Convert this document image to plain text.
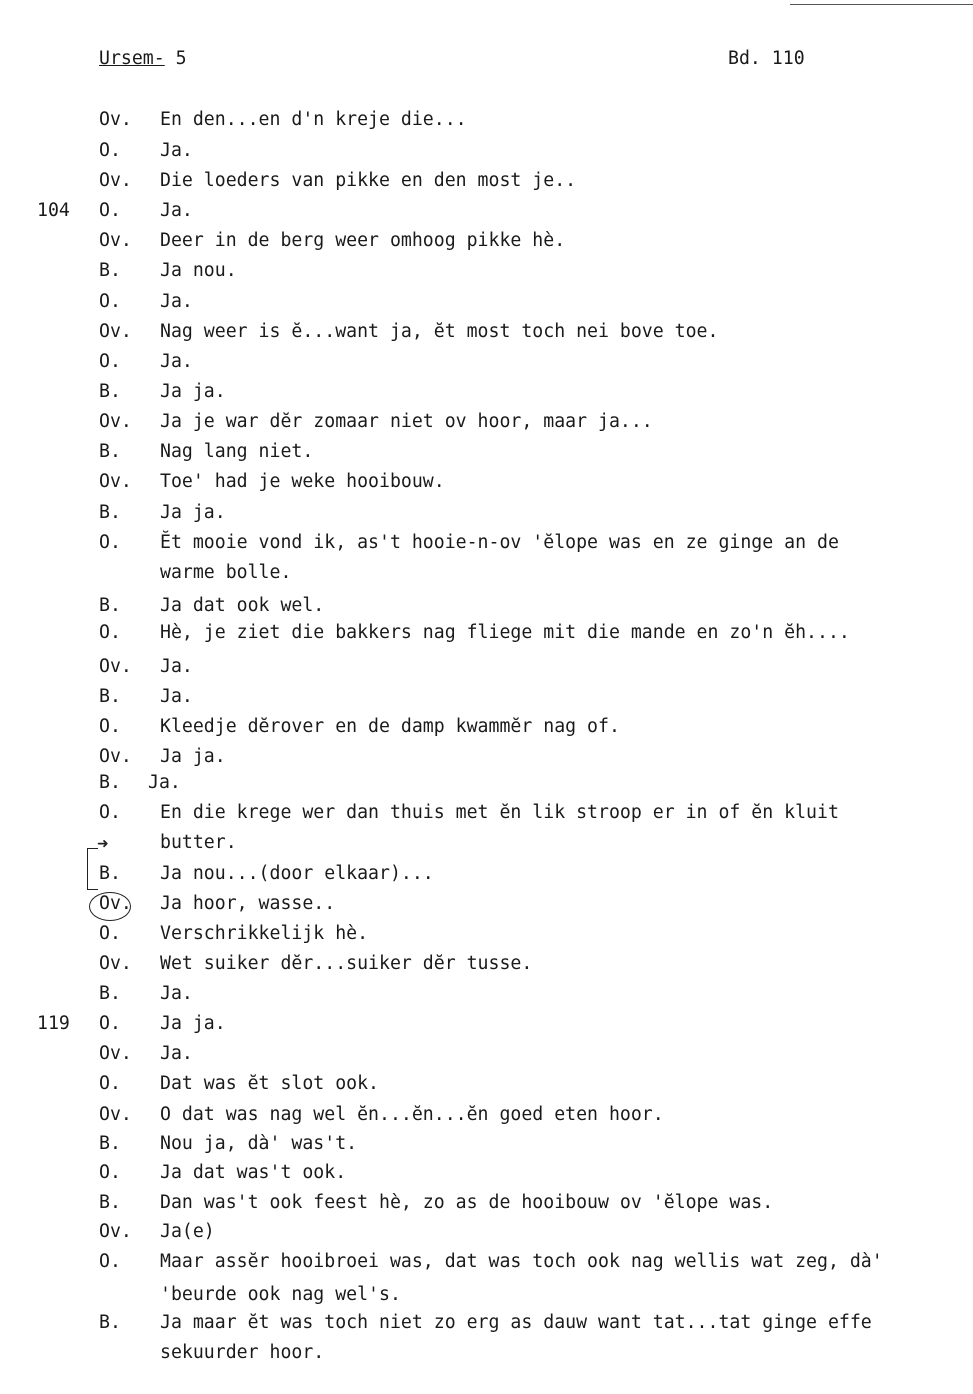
Ursem- 5	Bd. 110
104
119
Ov. En den...en d'n kreje die...
O. Ja.
Ov. Die loeders van pikke en den most je..
O. Ja.
Ov. Deer in de berg weer omhoog pikke hè.
B. Ja nou.
O. Ja.
Ov. Nag weer is ĕ...want ja, ĕt most toch nei bove toe.
O. Ja.
B. Ja ja.
Ov. Ja je war dĕr zomaar niet ov hoor, maar ja...
B. Nag lang niet.
Ov. Toe' had je weke hooibouw.
B. Ja ja.
O. Ĕt mooie vond ik, as't hooie-n-ov 'ĕlope was en ze ginge an de
warme bolle.
B. Ja dat ook wel.
O. Hè, je ziet die bakkers nag fliege mit die mande en zo'n ĕh....
Ov. Ja.
B. Ja.
O. Kleedje dĕrover en de damp kwammĕr nag of.
Ov. Ja ja.
B. Ja.
O. En die krege wer dan thuis met ĕn lik stroop er in of ĕn kluit
butter.
B. Ja nou...(door elkaar)...
Ov. Ja hoor, wasse..
O. Verschrikkelijk hè.
Ov. Wet suiker dĕr...suiker dĕr tusse.
B. Ja.
O. Ja ja.
Ov. Ja.
O. Dat was ĕt slot ook.
Ov. O dat was nag wel ĕn...ĕn...ĕn goed eten hoor.
B. Nou ja, dà' was't.
O. Ja dat was't ook.
B. Dan was't ook feest hè, zo as de hooibouw ov 'ĕlope was.
Ov. Ja(e)
O. Maar assĕr hooibroei was, dat was toch ook nag wellis wat zeg, dà'
'beurde ook nag wel's.
B. Ja maar ĕt was toch niet zo erg as dauw want tat...tat ginge effe
sekuurder hoor.
➜
